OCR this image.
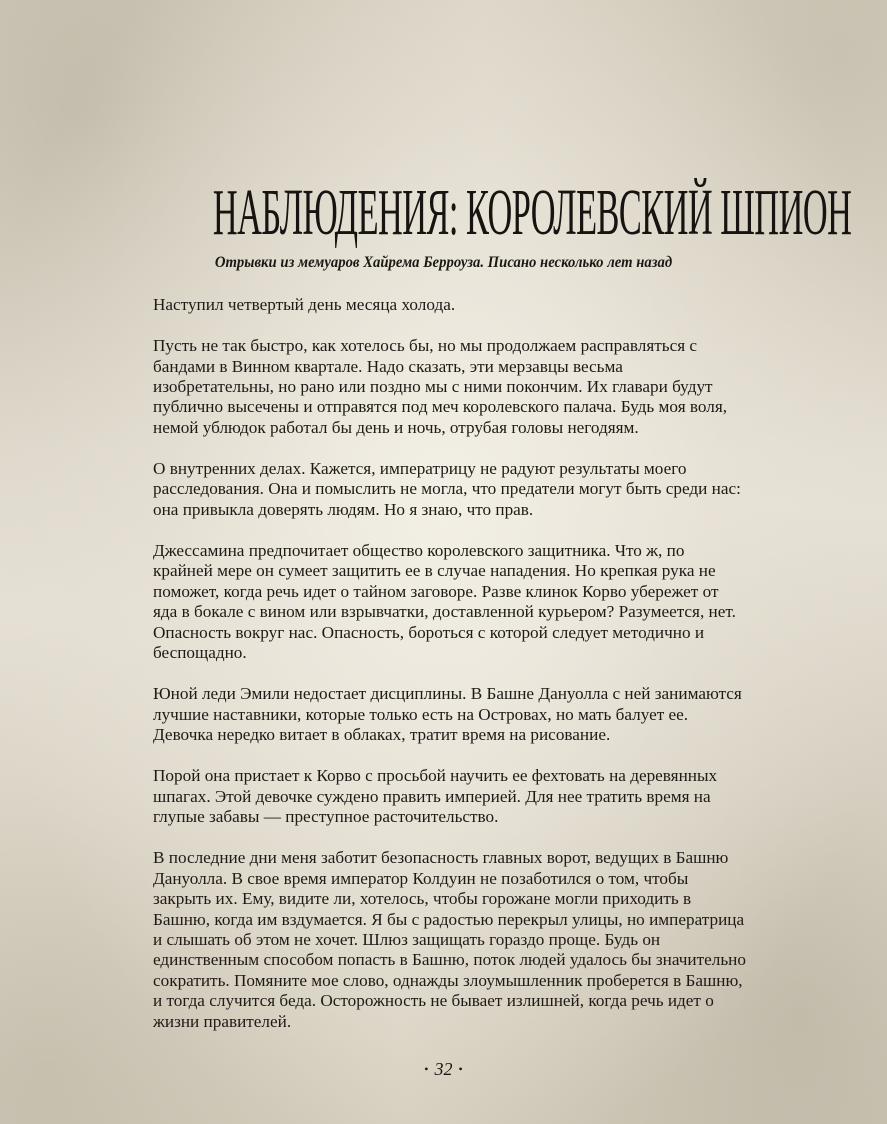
НАБЛЮДЕНИЯ: КОРОЛЕВСКИЙ ШПИОН
Отрывки из мемуаров Хайрема Берроуза. Писано несколько лет назад

Наступил четвертый день месяца холода.

Пусть не так быстро, как хотелось бы, но мы продолжаем расправляться с бандами в Винном квартале. Надо сказать, эти мерзавцы весьма изобретательны, но рано или поздно мы с ними покончим. Их главари будут публично высечены и отправятся под меч королевского палача. Будь моя воля, немой ублюдок работал бы день и ночь, отрубая головы негодяям.

О внутренних делах. Кажется, императрицу не радуют результаты моего расследования. Она и помыслить не могла, что предатели могут быть среди нас: она привыкла доверять людям. Но я знаю, что прав.

Джессамина предпочитает общество королевского защитника. Что ж, по крайней мере он сумеет защитить ее в случае нападения. Но крепкая рука не поможет, когда речь идет о тайном заговоре. Разве клинок Корво убережет от яда в бокале с вином или взрывчатки, доставленной курьером? Разумеется, нет. Опасность вокруг нас. Опасность, бороться с которой следует методично и беспощадно.

Юной леди Эмили недостает дисциплины. В Башне Дануолла с ней занимаются лучшие наставники, которые только есть на Островах, но мать балует ее. Девочка нередко витает в облаках, тратит время на рисование.

Порой она пристает к Корво с просьбой научить ее фехтовать на деревянных шпагах. Этой девочке суждено править империей. Для нее тратить время на глупые забавы — преступное расточительство.

В последние дни меня заботит безопасность главных ворот, ведущих в Башню Дануолла. В свое время император Колдуин не позаботился о том, чтобы закрыть их. Ему, видите ли, хотелось, чтобы горожане могли приходить в Башню, когда им вздумается. Я бы с радостью перекрыл улицы, но императрица и слышать об этом не хочет. Шлюз защищать гораздо проще. Будь он единственным способом попасть в Башню, поток людей удалось бы значительно сократить. Помяните мое слово, однажды злоумышленник проберется в Башню, и тогда случится беда. Осторожность не бывает излишней, когда речь идет о жизни правителей.

• 32 •
